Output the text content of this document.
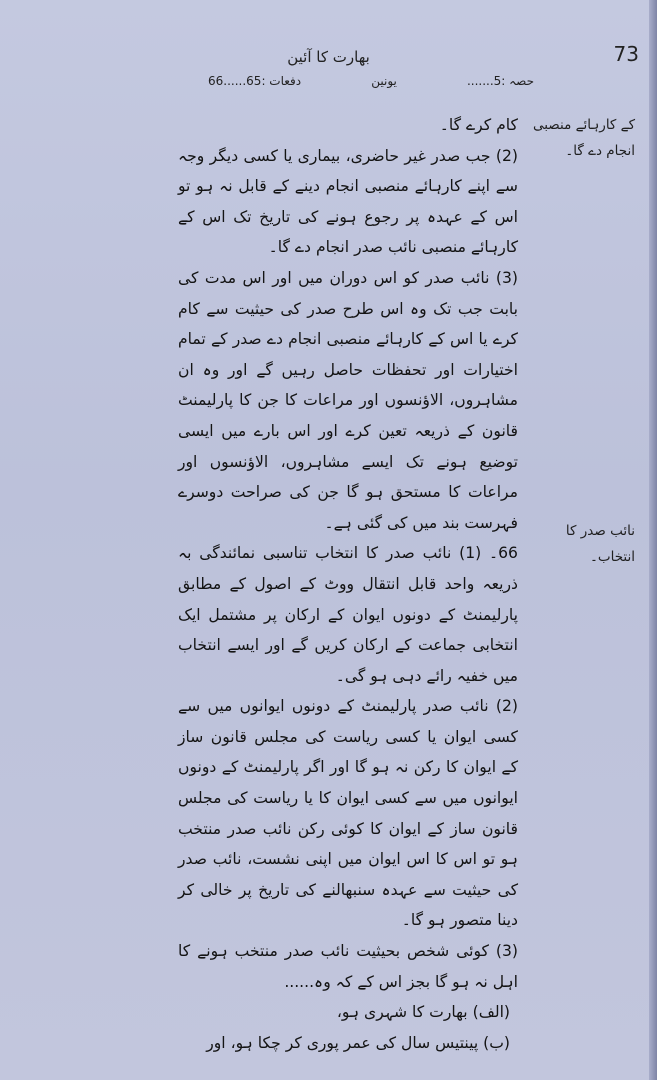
73
بھارت کا آئین
حصہ :5.......
یونین
دفعات :65......66
کے کارہائے منصبی انجام دے گا۔
نائب صدر کا انتخاب۔

کام کرے گا۔

(2) جب صدر غیر حاضری، بیماری یا کسی دیگر وجہ سے اپنے کارہائے منصبی انجام دینے کے قابل نہ ہو تو اس کے عہدہ پر رجوع ہونے کی تاریخ تک اس کے کارہائے منصبی نائب صدر انجام دے گا۔

(3) نائب صدر کو اس دوران میں اور اس مدت کی بابت جب تک وہ اس طرح صدر کی حیثیت سے کام کرے یا اس کے کارہائے منصبی انجام دے صدر کے تمام اختیارات اور تحفظات حاصل رہیں گے اور وہ ان مشاہروں، الاؤنسوں اور مراعات کا جن کا پارلیمنٹ قانون کے ذریعہ تعین کرے اور اس بارے میں ایسی توضیع ہونے تک ایسے مشاہروں، الاؤنسوں اور مراعات کا مستحق ہو گا جن کی صراحت دوسرے فہرست بند میں کی گئی ہے۔

66۔ (1) نائب صدر کا انتخاب تناسبی نمائندگی بہ ذریعہ واحد قابل انتقال ووٹ کے اصول کے مطابق پارلیمنٹ کے دونوں ایوان کے ارکان پر مشتمل ایک انتخابی جماعت کے ارکان کریں گے اور ایسے انتخاب میں خفیہ رائے دہی ہو گی۔

(2) نائب صدر پارلیمنٹ کے دونوں ایوانوں میں سے کسی ایوان یا کسی ریاست کی مجلس قانون ساز کے ایوان کا رکن نہ ہو گا اور اگر پارلیمنٹ کے دونوں ایوانوں میں سے کسی ایوان کا یا ریاست کی مجلس قانون ساز کے ایوان کا کوئی رکن نائب صدر منتخب ہو تو اس کا اس ایوان میں اپنی نشست، نائب صدر کی حیثیت سے عہدہ سنبھالنے کی تاریخ پر خالی کر دینا متصور ہو گا۔

(3) کوئی شخص بحیثیت نائب صدر منتخب ہونے کا اہل نہ ہو گا بجز اس کے کہ وہ......

(الف) بھارت کا شہری ہو،

(ب) پینتیس سال کی عمر پوری کر چکا ہو، اور
